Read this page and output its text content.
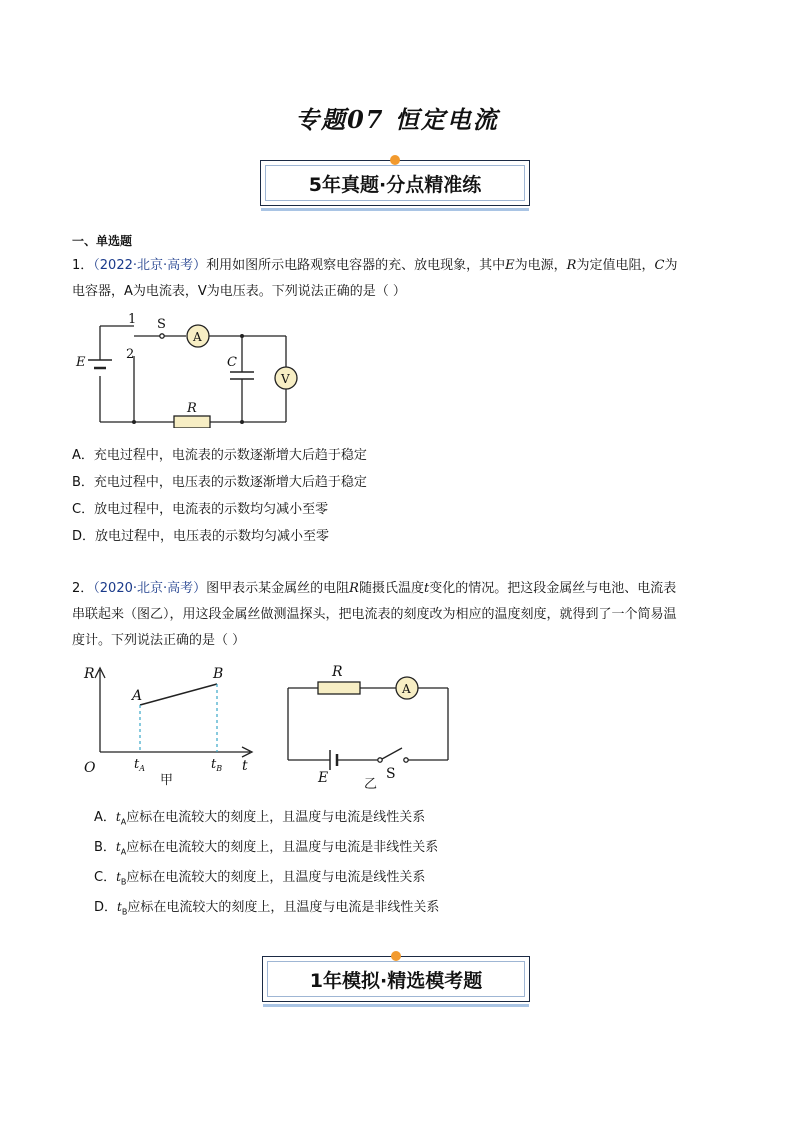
专题07 恒定电流
5年真题·分点精准练
一、单选题
1．（2022·北京·高考）利用如图所示电路观察电容器的充、放电现象，其中E为电源，R为定值电阻，C为
电容器，A为电流表，V为电压表。下列说法正确的是（ ）
1
2
S
A
V
E	C
R
A．充电过程中，电流表的示数逐渐增大后趋于稳定
B．充电过程中，电压表的示数逐渐增大后趋于稳定
C．放电过程中，电流表的示数均匀减小至零
D．放电过程中，电压表的示数均匀减小至零
2．（2020·北京·高考）图甲表示某金属丝的电阻R随摄氏温度t变化的情况。把这段金属丝与电池、电流表
串联起来（图乙），用这段金属丝做测温探头，把电流表的刻度改为相应的温度刻度，就得到了一个简易温
度计。下列说法正确的是（ ）
R
O	t
A
B
$t_A$	$t_B$
甲
R
A
E	S
乙
A．$t_A$应标在电流较大的刻度上，且温度与电流是线性关系
B．$t_A$应标在电流较大的刻度上，且温度与电流是非线性关系
C．$t_B$应标在电流较大的刻度上，且温度与电流是线性关系
D．$t_B$应标在电流较大的刻度上，且温度与电流是非线性关系
1年模拟·精选模考题
